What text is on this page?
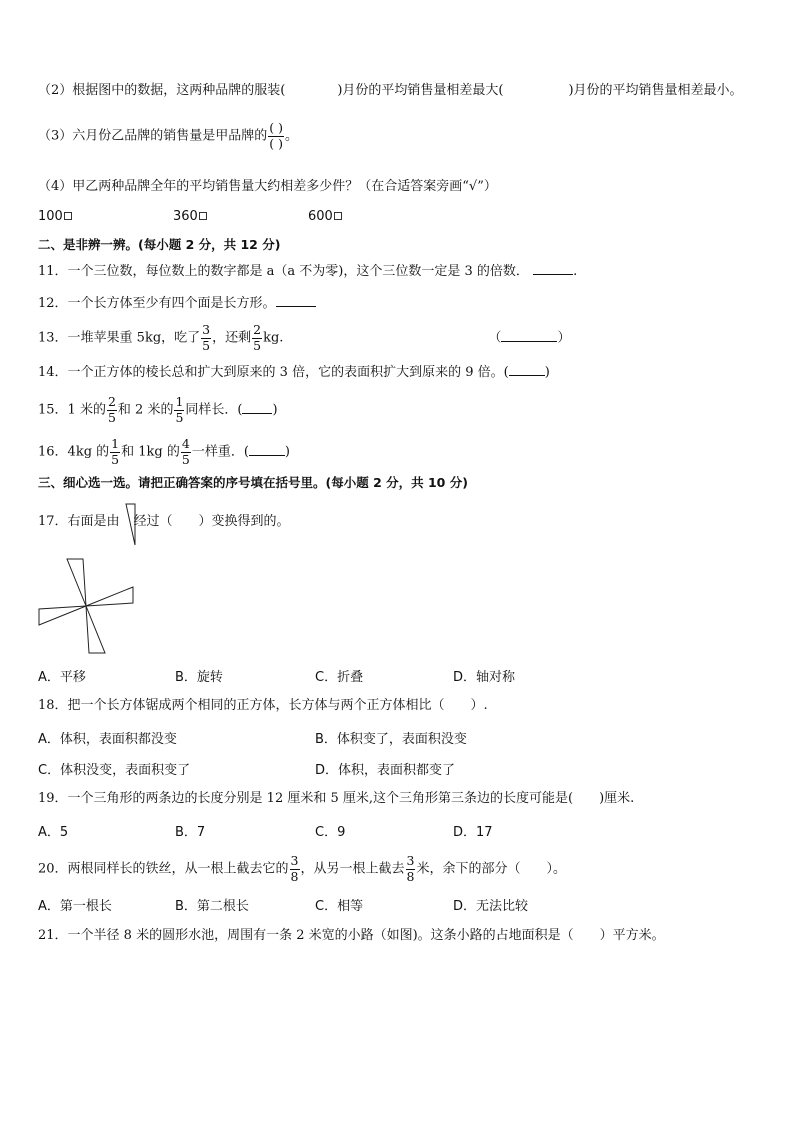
（2）根据图中的数据，这两种品牌的服装(　　　　)月份的平均销售量相差最大(　　　　　)月份的平均销售量相差最小。
（3）六月份乙品牌的销售量是甲品牌的 $\frac{( )}{( )}$ 。
（4）甲乙两种品牌全年的平均销售量大约相差多少件？（在合适答案旁画“√”）
100	360	600
二、是非辨一辨。(每小题 2 分，共 12 分)
11．一个三位数，每位数上的数字都是 a（a 不为零)，这个三位数一定是 3 的倍数．	.
12．一个长方体至少有四个面是长方形。
13．一堆苹果重 5kg，吃了 $\frac{3}{5}$ ，还剩 $\frac{2}{5}$ kg.	（	）
14．一个正方体的棱长总和扩大到原来的 3 倍，它的表面积扩大到原来的 9 倍。(	)
15．1 米的 $\frac{2}{5}$ 和 2 米的 $\frac{1}{5}$ 同样长．( )
16．4kg 的 $\frac{1}{5}$ 和 1kg 的 $\frac{4}{5}$ 一样重．(	)
三、细心选一选。请把正确答案的序号填在括号里。(每小题 2 分，共 10 分)
17．右面是由 经过（　　）变换得到的。
A．平移	B．旋转	C．折叠	D．轴对称
18．把一个长方体锯成两个相同的正方体，长方体与两个正方体相比（　　）.
A．体积，表面积都没变	B．体积变了，表面积没变
C．体积没变，表面积变了	D．体积，表面积都变了
19．一个三角形的两条边的长度分别是 12 厘米和 5 厘米,这个三角形第三条边的长度可能是(　　)厘米.
A．5	B．7	C．9	D．17
20．两根同样长的铁丝，从一根上截去它的 $\frac{3}{8}$ ，从另一根上截去 $\frac{3}{8}$ 米，余下的部分（　　）。
A．第一根长	B．第二根长	C．相等	D．无法比较
21．一个半径 8 米的圆形水池，周围有一条 2 米宽的小路（如图)。这条小路的占地面积是（　　）平方米。
